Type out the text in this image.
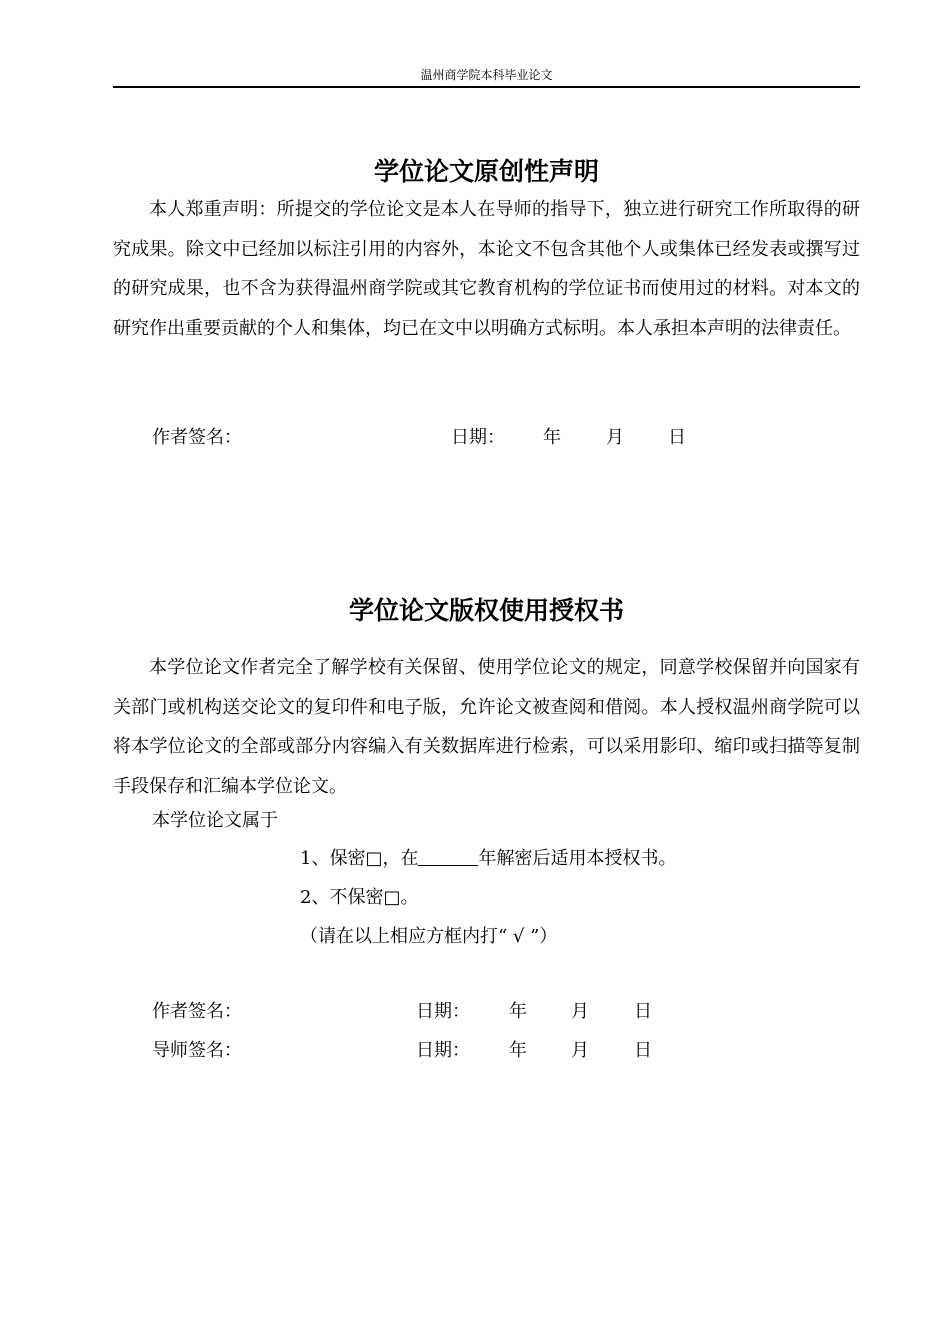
温州商学院本科毕业论文
学位论文原创性声明

本人郑重声明：所提交的学位论文是本人在导师的指导下，独立进行研究工作所取得的研究成果。除文中已经加以标注引用的内容外，本论文不包含其他个人或集体已经发表或撰写过的研究成果，也不含为获得温州商学院或其它教育机构的学位证书而使用过的材料。对本文的研究作出重要贡献的个人和集体，均已在文中以明确方式标明。本人承担本声明的法律责任。

作者签名：	日期： 年	月 日
学位论文版权使用授权书

本学位论文作者完全了解学校有关保留、使用学位论文的规定，同意学校保留并向国家有关部门或机构送交论文的复印件和电子版，允许论文被查阅和借阅。本人授权温州商学院可以将本学位论文的全部或部分内容编入有关数据库进行检索，可以采用影印、缩印或扫描等复制手段保存和汇编本学位论文。

本学位论文属于
1、保密□，在	年解密后适用本授权书。
2、不保密□。
（请在以上相应方框内打“ √ ”）
作者签名：	日期： 年 月	日
导师签名：	日期： 年 月	日
